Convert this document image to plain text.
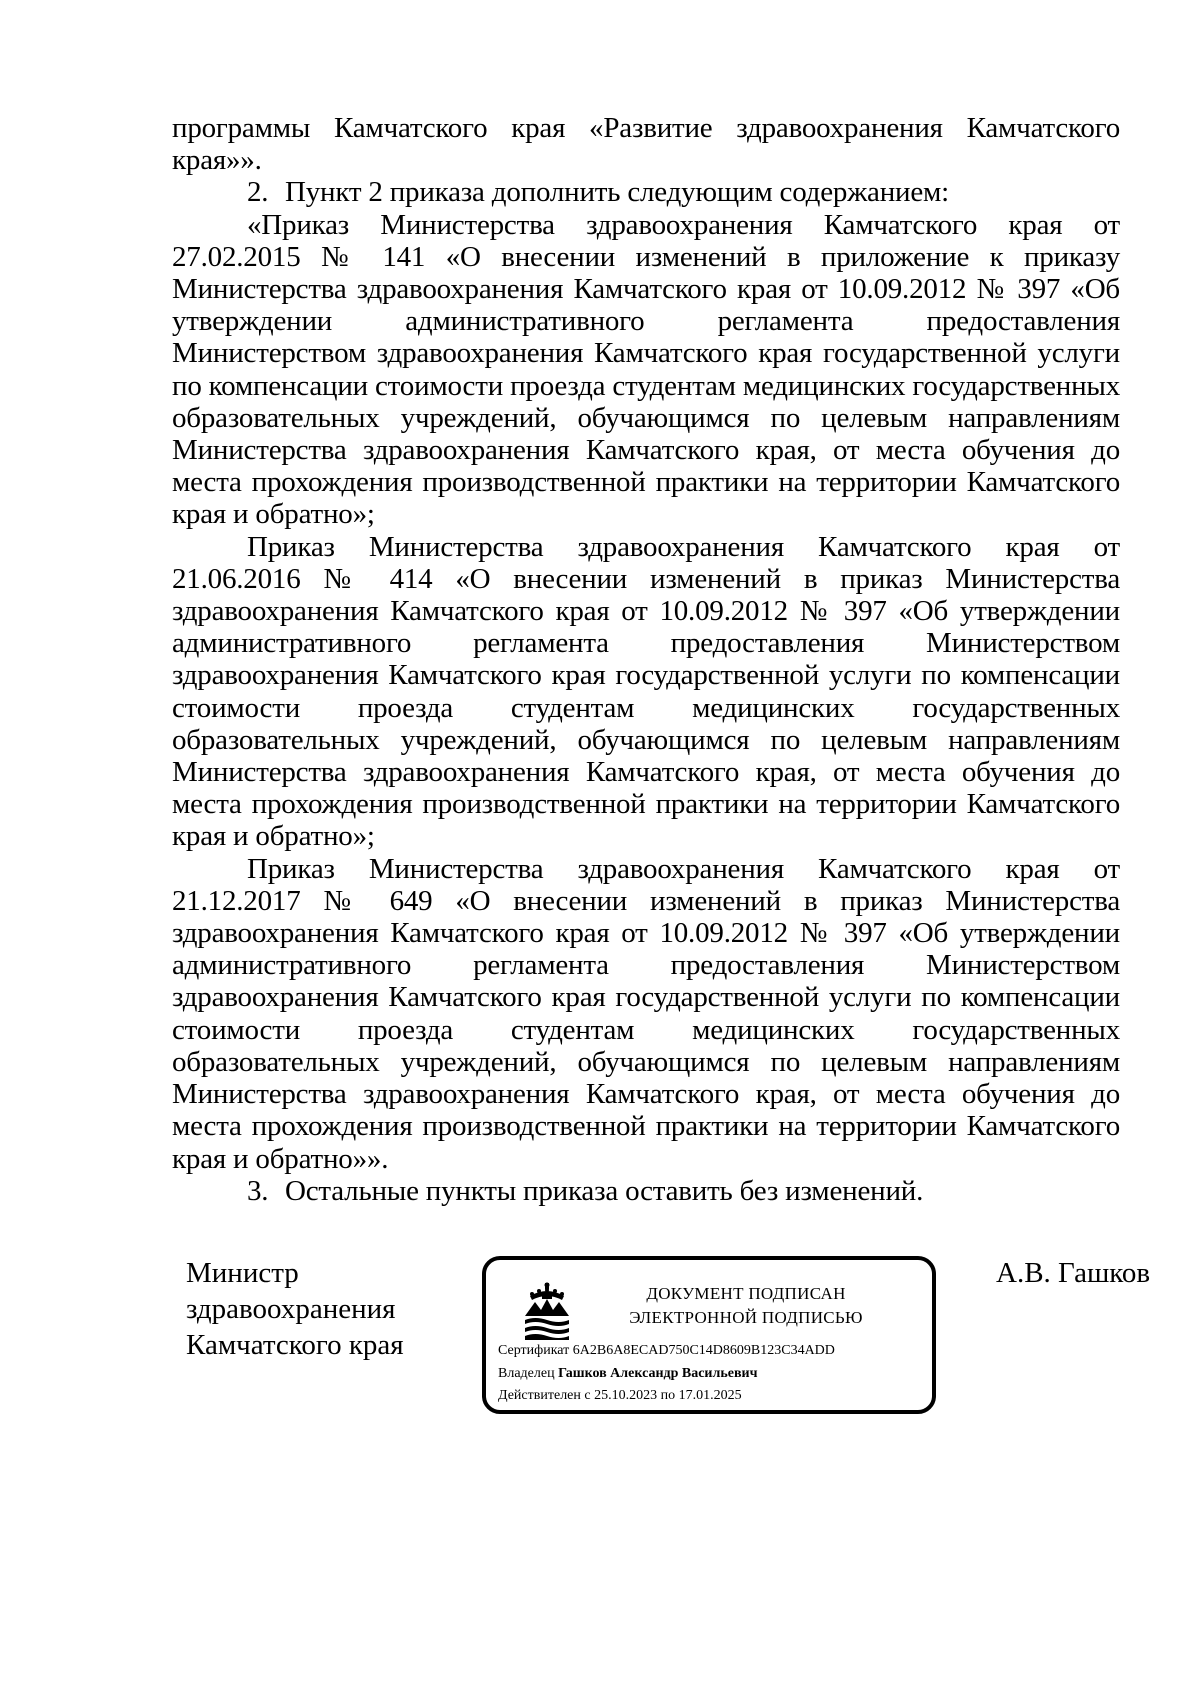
программы Камчатского края «Развитие здравоохранения Камчатского края»».

2. Пункт 2 приказа дополнить следующим содержанием:

«Приказ Министерства здравоохранения Камчатского края от 27.02.2015 № 141 «О внесении изменений в приложение к приказу Министерства здравоохранения Камчатского края от 10.09.2012 № 397 «Об утверждении административного регламента предоставления Министерством здравоохранения Камчатского края государственной услуги по компенсации стоимости проезда студентам медицинских государственных образовательных учреждений, обучающимся по целевым направлениям Министерства здравоохранения Камчатского края, от места обучения до места прохождения производственной практики на территории Камчатского края и обратно»;

Приказ Министерства здравоохранения Камчатского края от 21.06.2016 № 414 «О внесении изменений в приказ Министерства здравоохранения Камчатского края от 10.09.2012 № 397 «Об утверждении административного регламента предоставления Министерством здравоохранения Камчатского края государственной услуги по компенсации стоимости проезда студентам медицинских государственных образовательных учреждений, обучающимся по целевым направлениям Министерства здравоохранения Камчатского края, от места обучения до места прохождения производственной практики на территории Камчатского края и обратно»;

Приказ Министерства здравоохранения Камчатского края от 21.12.2017 № 649 «О внесении изменений в приказ Министерства здравоохранения Камчатского края от 10.09.2012 № 397 «Об утверждении административного регламента предоставления Министерством здравоохранения Камчатского края государственной услуги по компенсации стоимости проезда студентам медицинских государственных образовательных учреждений, обучающимся по целевым направлениям Министерства здравоохранения Камчатского края, от места обучения до места прохождения производственной практики на территории Камчатского края и обратно»».

3. Остальные пункты приказа оставить без изменений.

Министр
здравоохранения
Камчатского края
ДОКУМЕНТ ПОДПИСАН
ЭЛЕКТРОННОЙ ПОДПИСЬЮ
Сертификат 6A2B6A8ECAD750C14D8609B123C34ADD
Владелец Гашков Александр Васильевич
Действителен с 25.10.2023 по 17.01.2025
А.В. Гашков
